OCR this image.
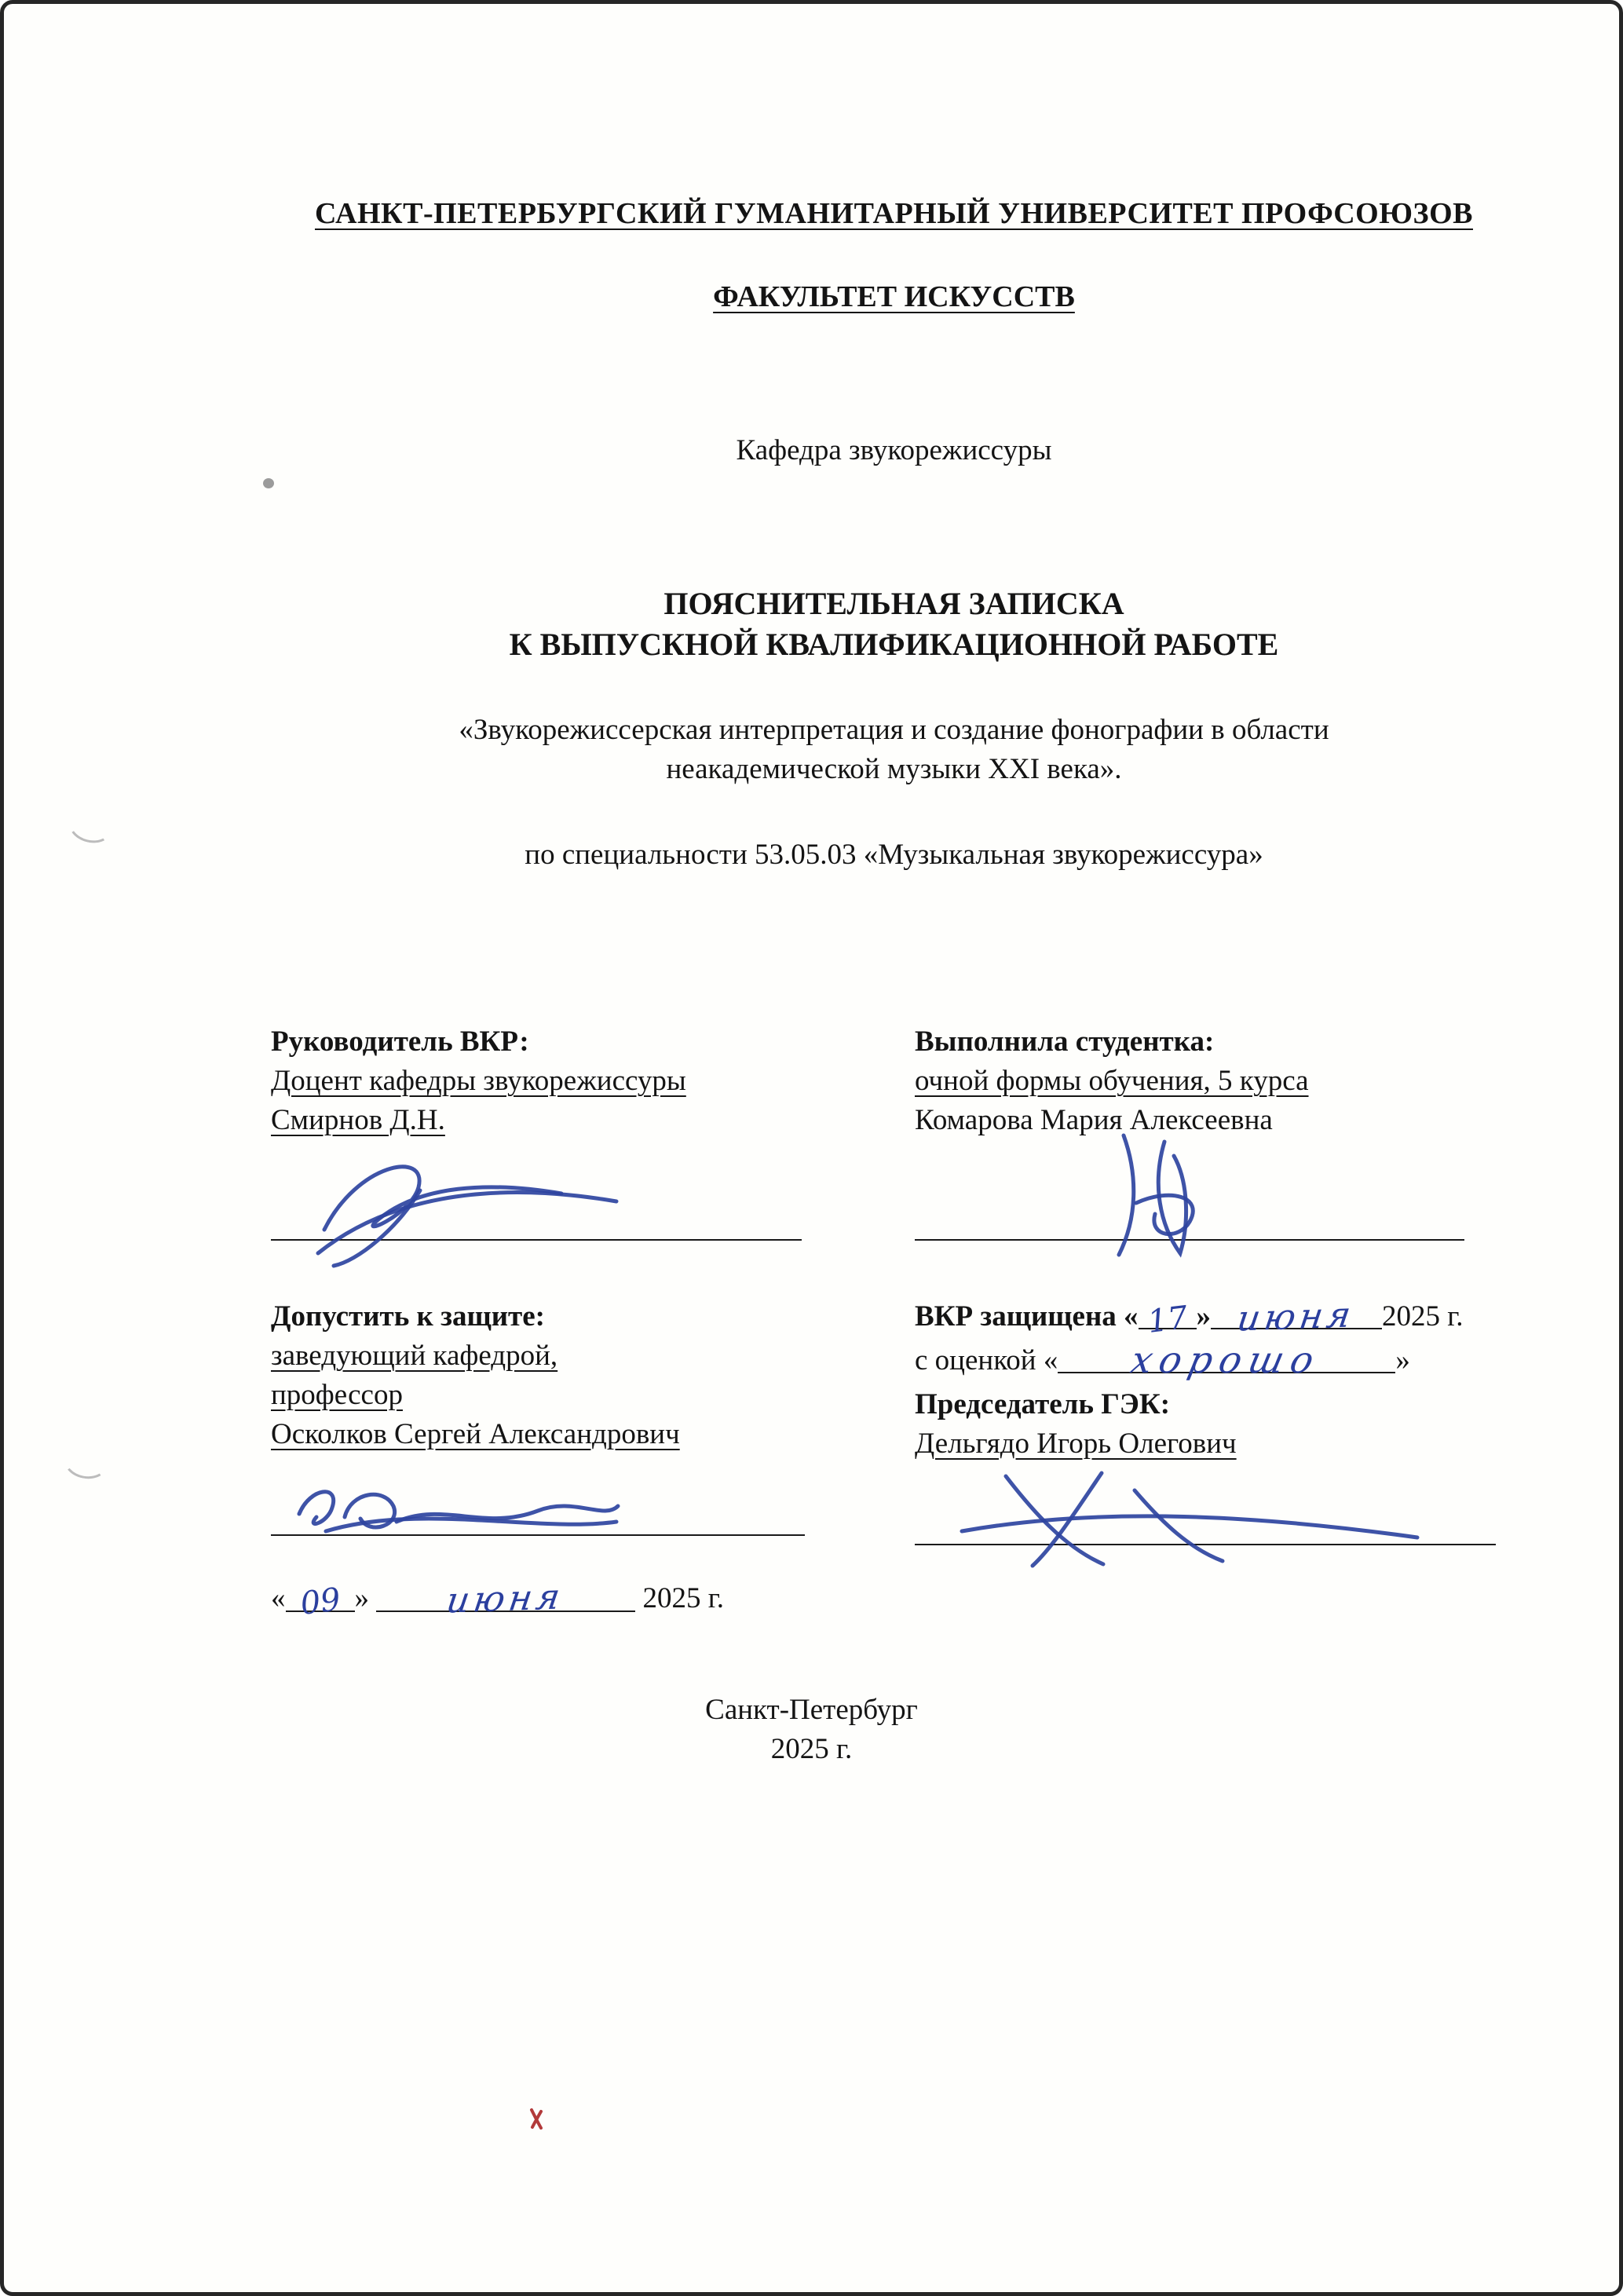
САНКТ-ПЕТЕРБУРГСКИЙ ГУМАНИТАРНЫЙ УНИВЕРСИТЕТ ПРОФСОЮЗОВ
ФАКУЛЬТЕТ ИСКУССТВ
Кафедра звукорежиссуры
ПОЯСНИТЕЛЬНАЯ ЗАПИСКА
К ВЫПУСКНОЙ КВАЛИФИКАЦИОННОЙ РАБОТЕ
«Звукорежиссерская интерпретация и создание фонографии в области
неакадемической музыки XXI века».
по специальности 53.05.03 «Музыкальная звукорежиссура»
Руководитель ВКР:
Доцент кафедры звукорежиссуры
Смирнов Д.Н.
Выполнила студентка:
очной формы обучения, 5 курса
Комарова Мария Алексеевна
Допустить к защите:
заведующий кафедрой,
профессор
Осколков Сергей Александрович
« 09 » июня	2025 г.
ВКР защищена « 17 » июня 2025 г.
с оценкой « хорошо »
Председатель ГЭК:
Дельгядо Игорь Олегович
Санкт-Петербург
2025 г.
